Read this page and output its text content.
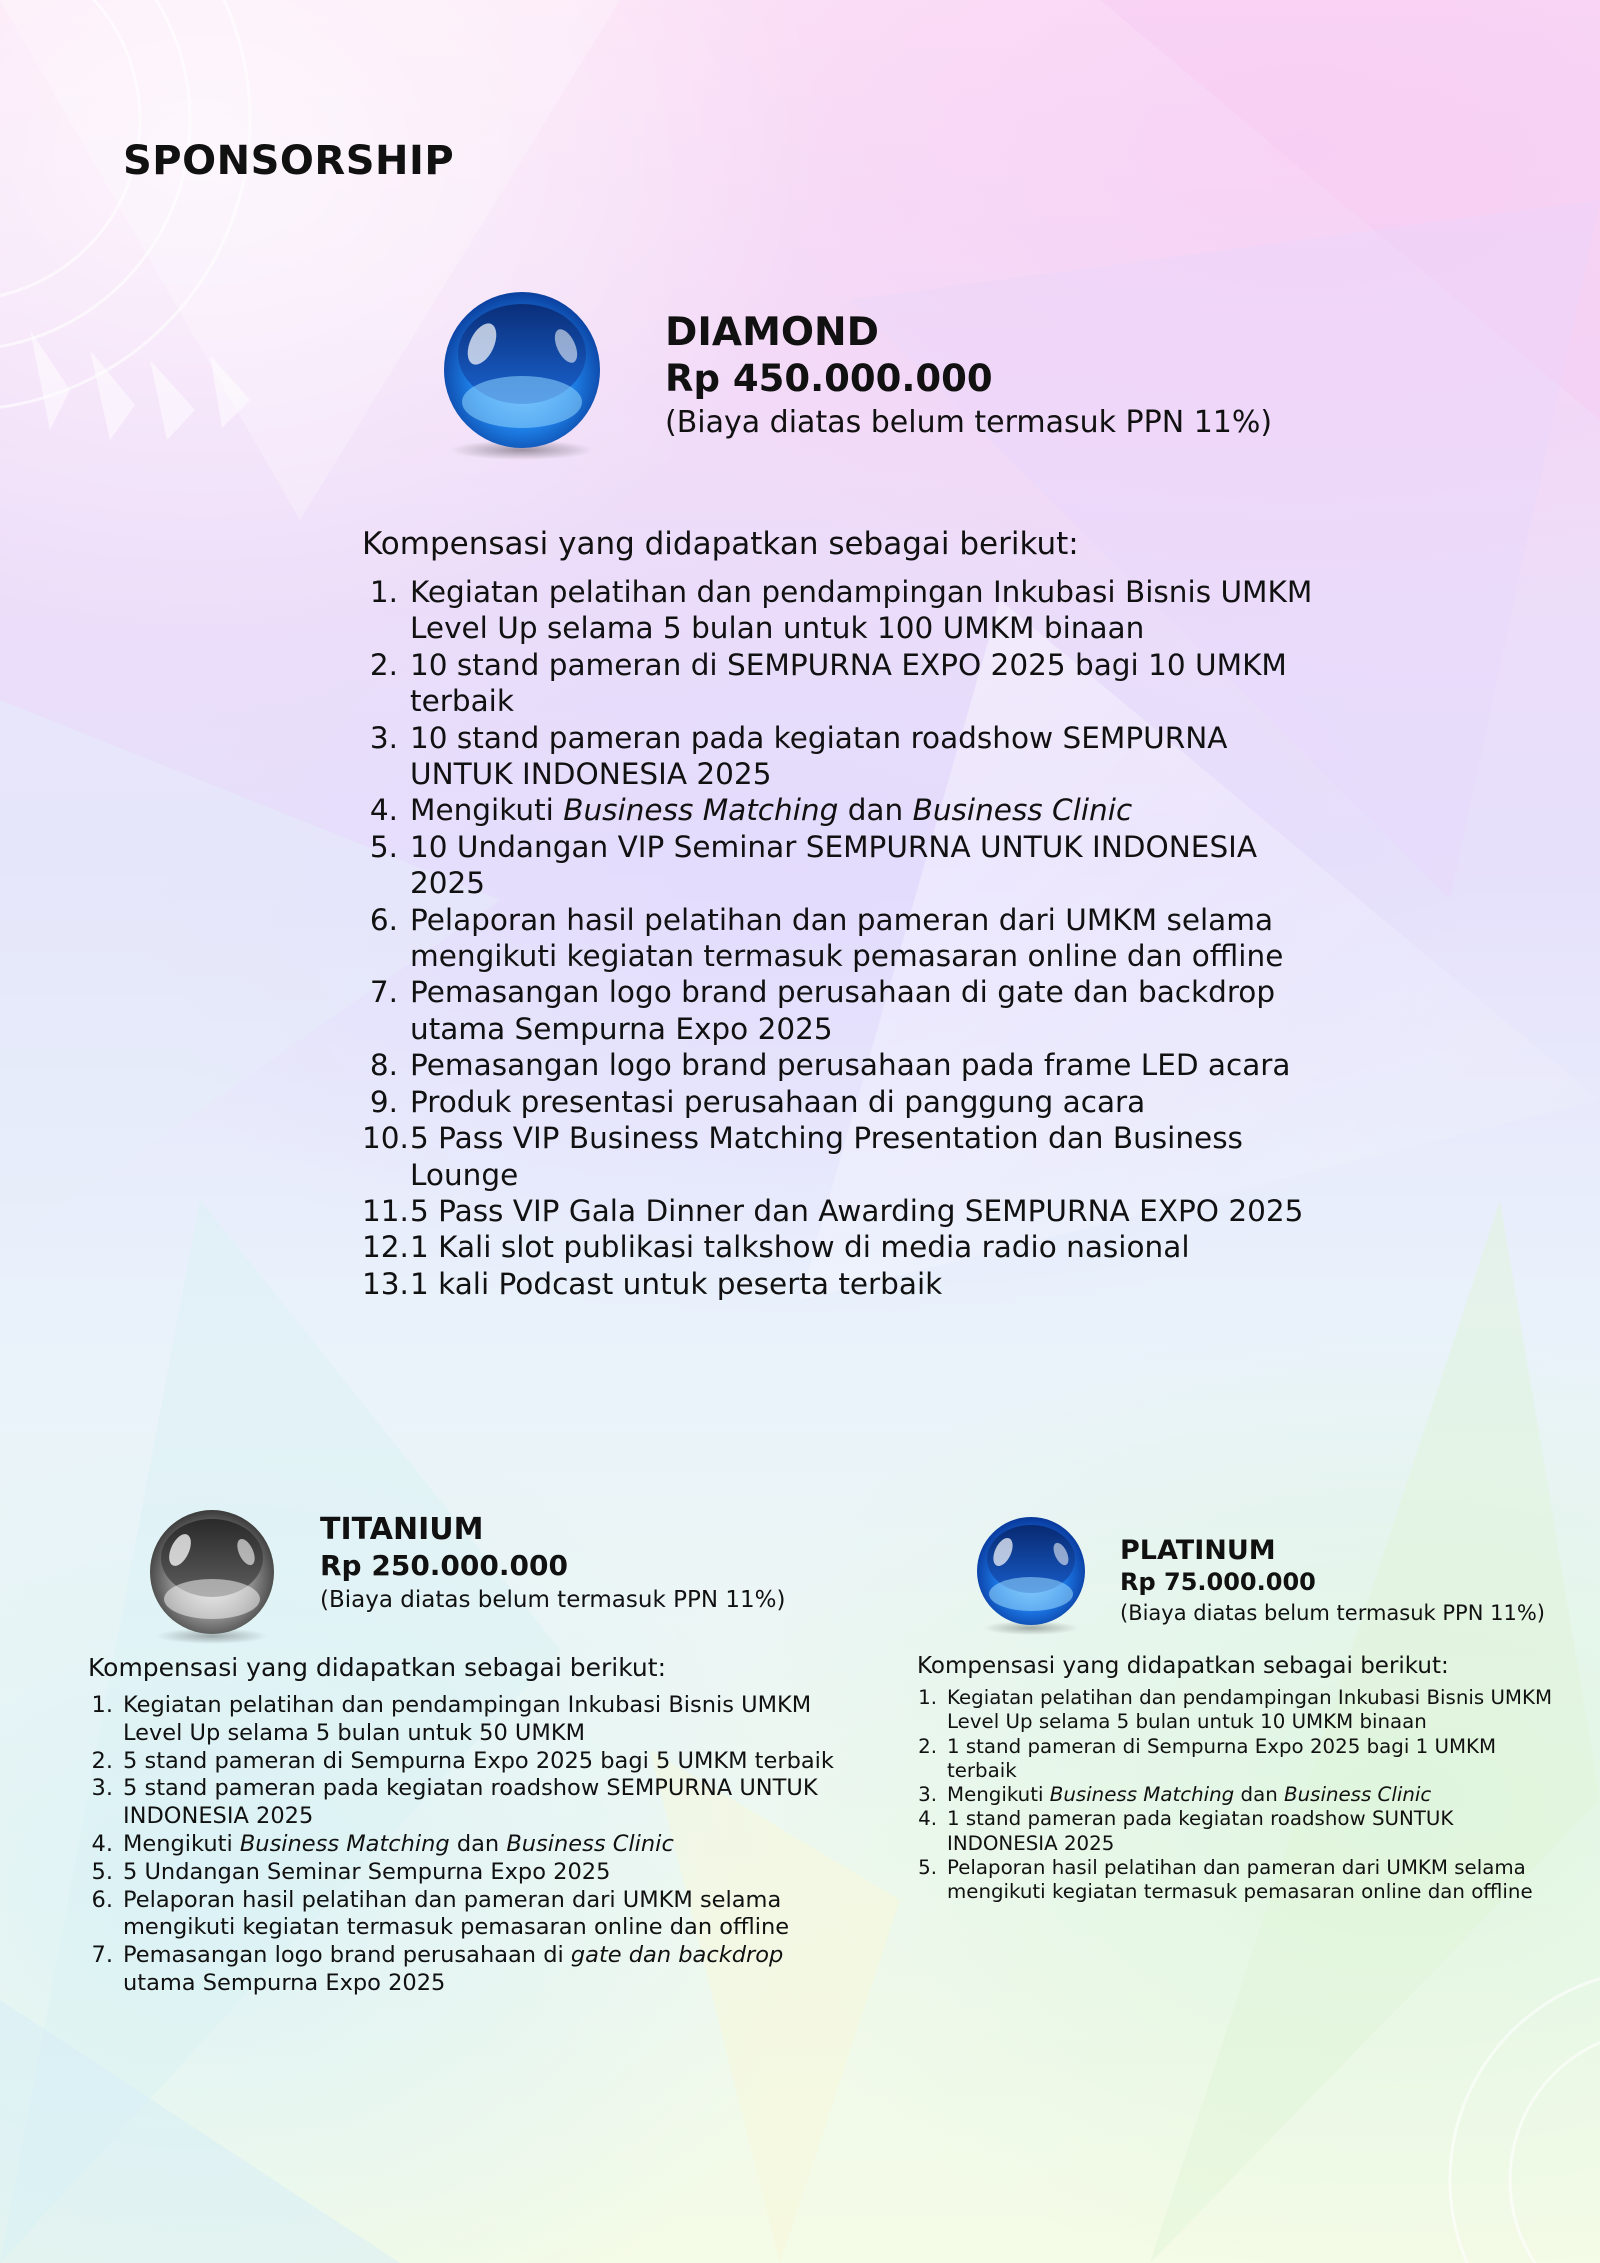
SPONSORSHIP
DIAMOND
Rp 450.000.000
(Biaya diatas belum termasuk PPN 11%)
Kompensasi yang didapatkan sebagai berikut:
1. Kegiatan pelatihan dan pendampingan Inkubasi Bisnis UMKM Level Up selama 5 bulan untuk 100 UMKM binaan
2. 10 stand pameran di SEMPURNA EXPO 2025 bagi 10 UMKM terbaik
3. 10 stand pameran pada kegiatan roadshow SEMPURNA UNTUK INDONESIA 2025
4. Mengikuti Business Matching dan Business Clinic
5. 10 Undangan VIP Seminar SEMPURNA UNTUK INDONESIA 2025
6. Pelaporan hasil pelatihan dan pameran dari UMKM selama mengikuti kegiatan termasuk pemasaran online dan offline
7. Pemasangan logo brand perusahaan di gate dan backdrop utama Sempurna Expo 2025
8. Pemasangan logo brand perusahaan pada frame LED acara
9. Produk presentasi perusahaan di panggung acara
10. 5 Pass VIP Business Matching Presentation dan Business Lounge
11. 5 Pass VIP Gala Dinner dan Awarding SEMPURNA EXPO 2025
12. 1 Kali slot publikasi talkshow di media radio nasional
13. 1 kali Podcast untuk peserta terbaik
TITANIUM
Rp 250.000.000
(Biaya diatas belum termasuk PPN 11%)
Kompensasi yang didapatkan sebagai berikut:
1. Kegiatan pelatihan dan pendampingan Inkubasi Bisnis UMKM Level Up selama 5 bulan untuk 50 UMKM
2. 5 stand pameran di Sempurna Expo 2025 bagi 5 UMKM terbaik
3. 5 stand pameran pada kegiatan roadshow SEMPURNA UNTUK INDONESIA 2025
4. Mengikuti Business Matching dan Business Clinic
5. 5 Undangan Seminar Sempurna Expo 2025
6. Pelaporan hasil pelatihan dan pameran dari UMKM selama mengikuti kegiatan termasuk pemasaran online dan offline
7. Pemasangan logo brand perusahaan di gate dan backdrop utama Sempurna Expo 2025
PLATINUM
Rp 75.000.000
(Biaya diatas belum termasuk PPN 11%)
Kompensasi yang didapatkan sebagai berikut:
1. Kegiatan pelatihan dan pendampingan Inkubasi Bisnis UMKM Level Up selama 5 bulan untuk 10 UMKM binaan
2. 1 stand pameran di Sempurna Expo 2025 bagi 1 UMKM terbaik
3. Mengikuti Business Matching dan Business Clinic
4. 1 stand pameran pada kegiatan roadshow SUNTUK INDONESIA 2025
5. Pelaporan hasil pelatihan dan pameran dari UMKM selama mengikuti kegiatan termasuk pemasaran online dan offline
